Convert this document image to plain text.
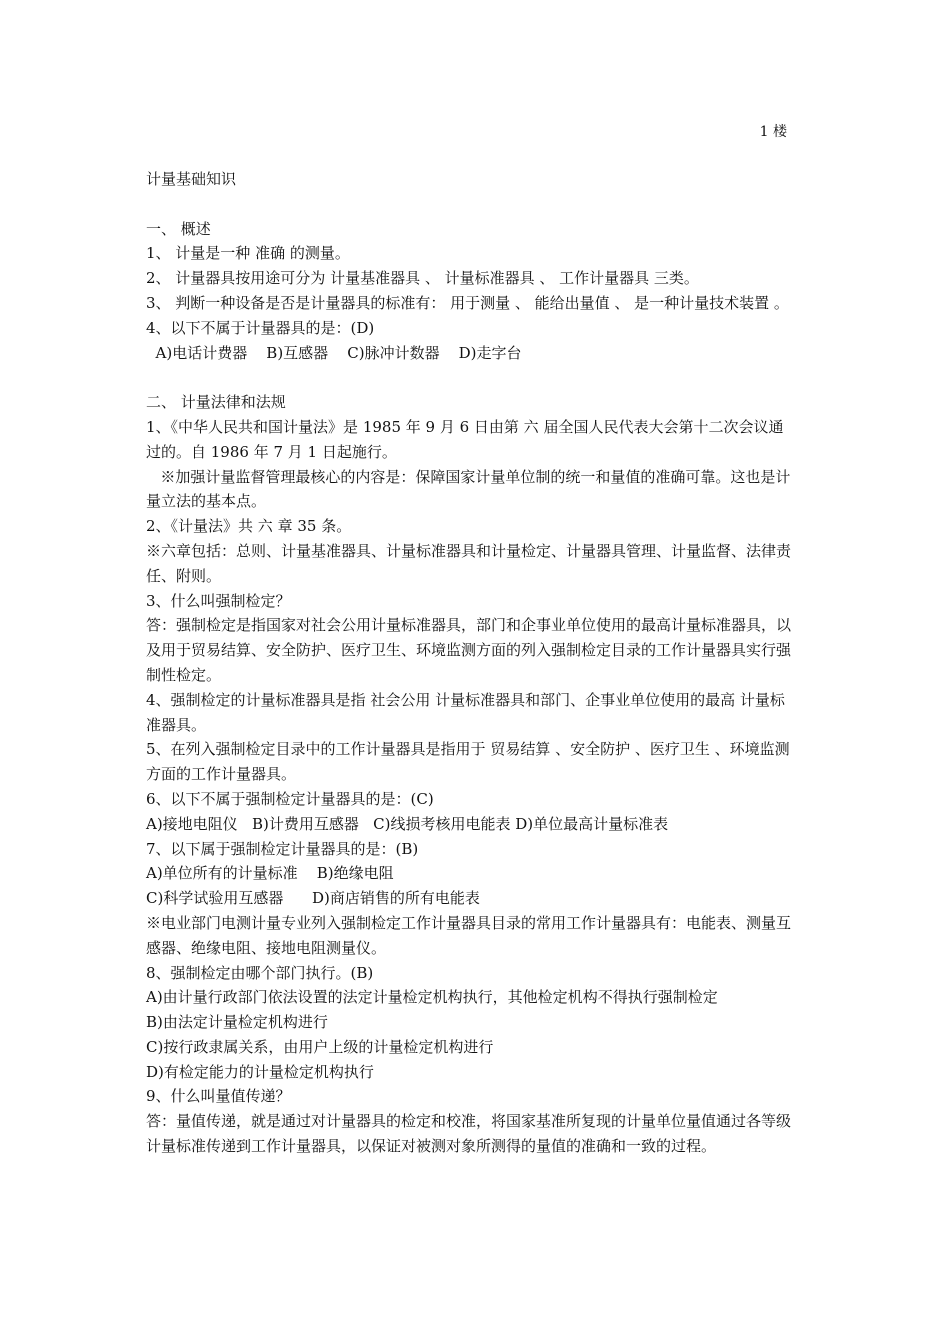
1 楼

计量基础知识

一、 概述

1、 计量是一种 准确 的测量。

2、 计量器具按用途可分为 计量基准器具 、 计量标准器具 、 工作计量器具 三类。

3、 判断一种设备是否是计量器具的标准有： 用于测量 、 能给出量值 、 是一种计量技术装置 。

4、以下不属于计量器具的是：(D)

A)电话计费器    B)互感器    C)脉冲计数器    D)走字台

二、 计量法律和法规

1、《中华人民共和国计量法》是 1985 年 9 月 6 日由第 六 届全国人民代表大会第十二次会议通过的。自 1986 年 7 月 1 日起施行。

※加强计量监督管理最核心的内容是：保障国家计量单位制的统一和量值的准确可靠。这也是计量立法的基本点。

2、《计量法》共 六 章 35 条。

※六章包括：总则、计量基准器具、计量标准器具和计量检定、计量器具管理、计量监督、法律责任、附则。

3、什么叫强制检定？

答：强制检定是指国家对社会公用计量标准器具，部门和企事业单位使用的最高计量标准器具，以及用于贸易结算、安全防护、医疗卫生、环境监测方面的列入强制检定目录的工作计量器具实行强制性检定。

4、强制检定的计量标准器具是指 社会公用 计量标准器具和部门、企事业单位使用的最高 计量标准器具。

5、在列入强制检定目录中的工作计量器具是指用于 贸易结算 、安全防护 、医疗卫生 、环境监测 方面的工作计量器具。

6、以下不属于强制检定计量器具的是：(C)

A)接地电阻仪   B)计费用互感器   C)线损考核用电能表 D)单位最高计量标准表

7、以下属于强制检定计量器具的是：(B)

A)单位所有的计量标准    B)绝缘电阻

C)科学试验用互感器      D)商店销售的所有电能表

※电业部门电测计量专业列入强制检定工作计量器具目录的常用工作计量器具有：电能表、测量互感器、绝缘电阻、接地电阻测量仪。

8、强制检定由哪个部门执行。(B)

A)由计量行政部门依法设置的法定计量检定机构执行，其他检定机构不得执行强制检定

B)由法定计量检定机构进行

C)按行政隶属关系，由用户上级的计量检定机构进行

D)有检定能力的计量检定机构执行

9、什么叫量值传递？

答：量值传递，就是通过对计量器具的检定和校准，将国家基准所复现的计量单位量值通过各等级计量标准传递到工作计量器具，以保证对被测对象所测得的量值的准确和一致的过程。
